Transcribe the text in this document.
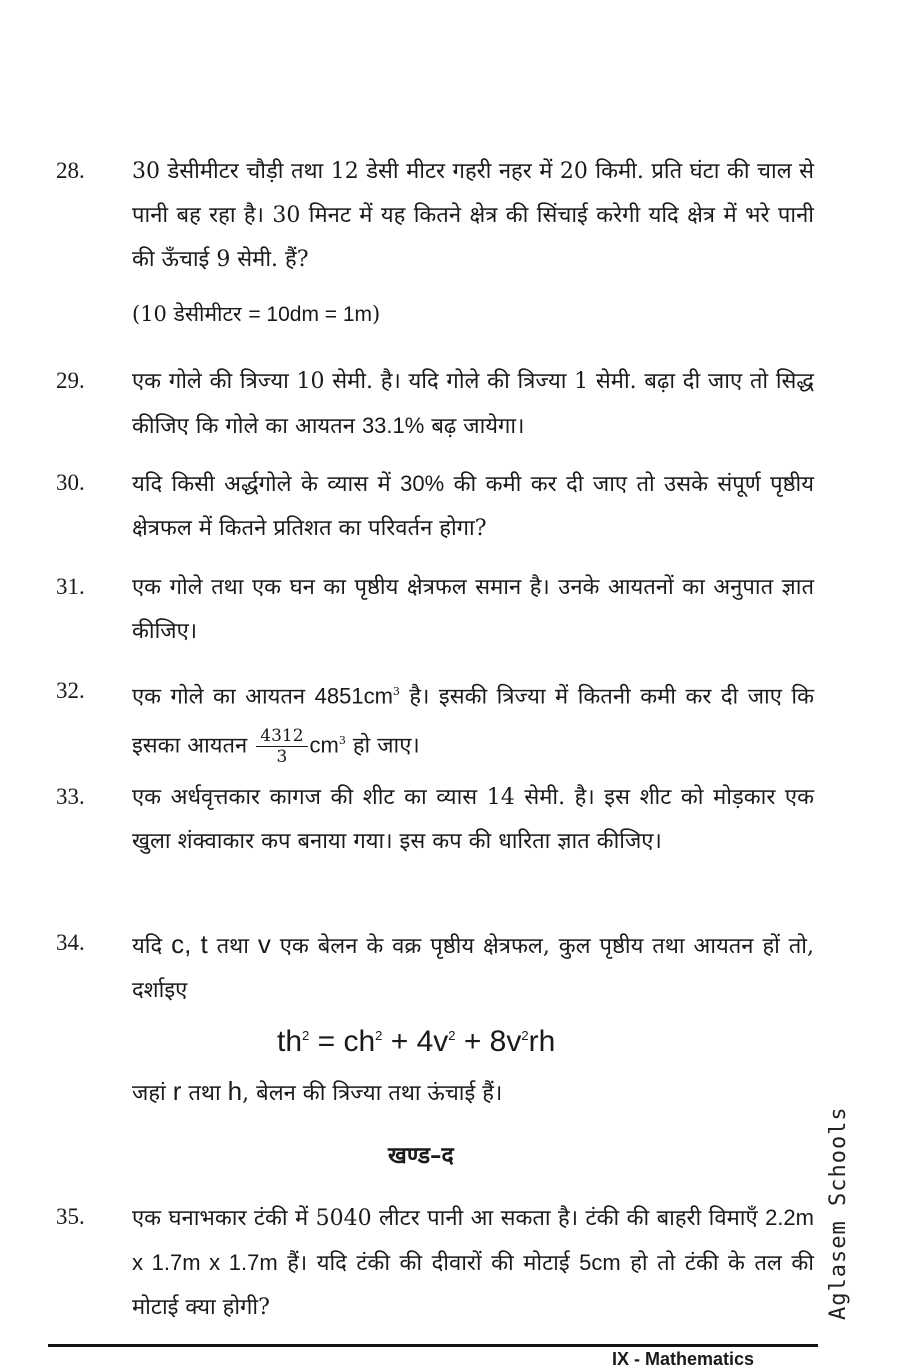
28. 30 डेसीमीटर चौड़ी तथा 12 डेसी मीटर गहरी नहर में 20 किमी. प्रति घंटा की चाल से पानी बह रहा है। 30 मिनट में यह कितने क्षेत्र की सिंचाई करेगी यदि क्षेत्र में भरे पानी की ऊँचाई 9 सेमी. हैं?
(10 डेसीमीटर = 10dm = 1m)
29. एक गोले की त्रिज्या 10 सेमी. है। यदि गोले की त्रिज्या 1 सेमी. बढ़ा दी जाए तो सिद्ध कीजिए कि गोले का आयतन 33.1% बढ़ जायेगा।
30. यदि किसी अर्द्धगोले के व्यास में 30% की कमी कर दी जाए तो उसके संपूर्ण पृष्ठीय क्षेत्रफल में कितने प्रतिशत का परिवर्तन होगा?
31. एक गोले तथा एक घन का पृष्ठीय क्षेत्रफल समान है। उनके आयतनों का अनुपात ज्ञात कीजिए।
32. एक गोले का आयतन $4851cm^3$ है। इसकी त्रिज्या में कितनी कमी कर दी जाए कि इसका आयतन $\frac{4312}{3} cm^3$ हो जाए।
33. एक अर्धवृत्तकार कागज की शीट का व्यास 14 सेमी. है। इस शीट को मोड़कार एक खुला शंक्वाकार कप बनाया गया। इस कप की धारिता ज्ञात कीजिए।
34. यदि c, t तथा v एक बेलन के वक्र पृष्ठीय क्षेत्रफल, कुल पृष्ठीय तथा आयतन हों तो, दर्शाइए
$th^2 = ch^2 + 4v^2 + 8v^2rh$
जहां r तथा h, बेलन की त्रिज्या तथा ऊंचाई हैं।
खण्ड–द
35. एक घनाभकार टंकी में 5040 लीटर पानी आ सकता है। टंकी की बाहरी विमाएँ 2.2m x 1.7m x 1.7m हैं। यदि टंकी की दीवारों की मोटाई 5cm हो तो टंकी के तल की मोटाई क्या होगी?	Aglasem Schools
IX - Mathematics
